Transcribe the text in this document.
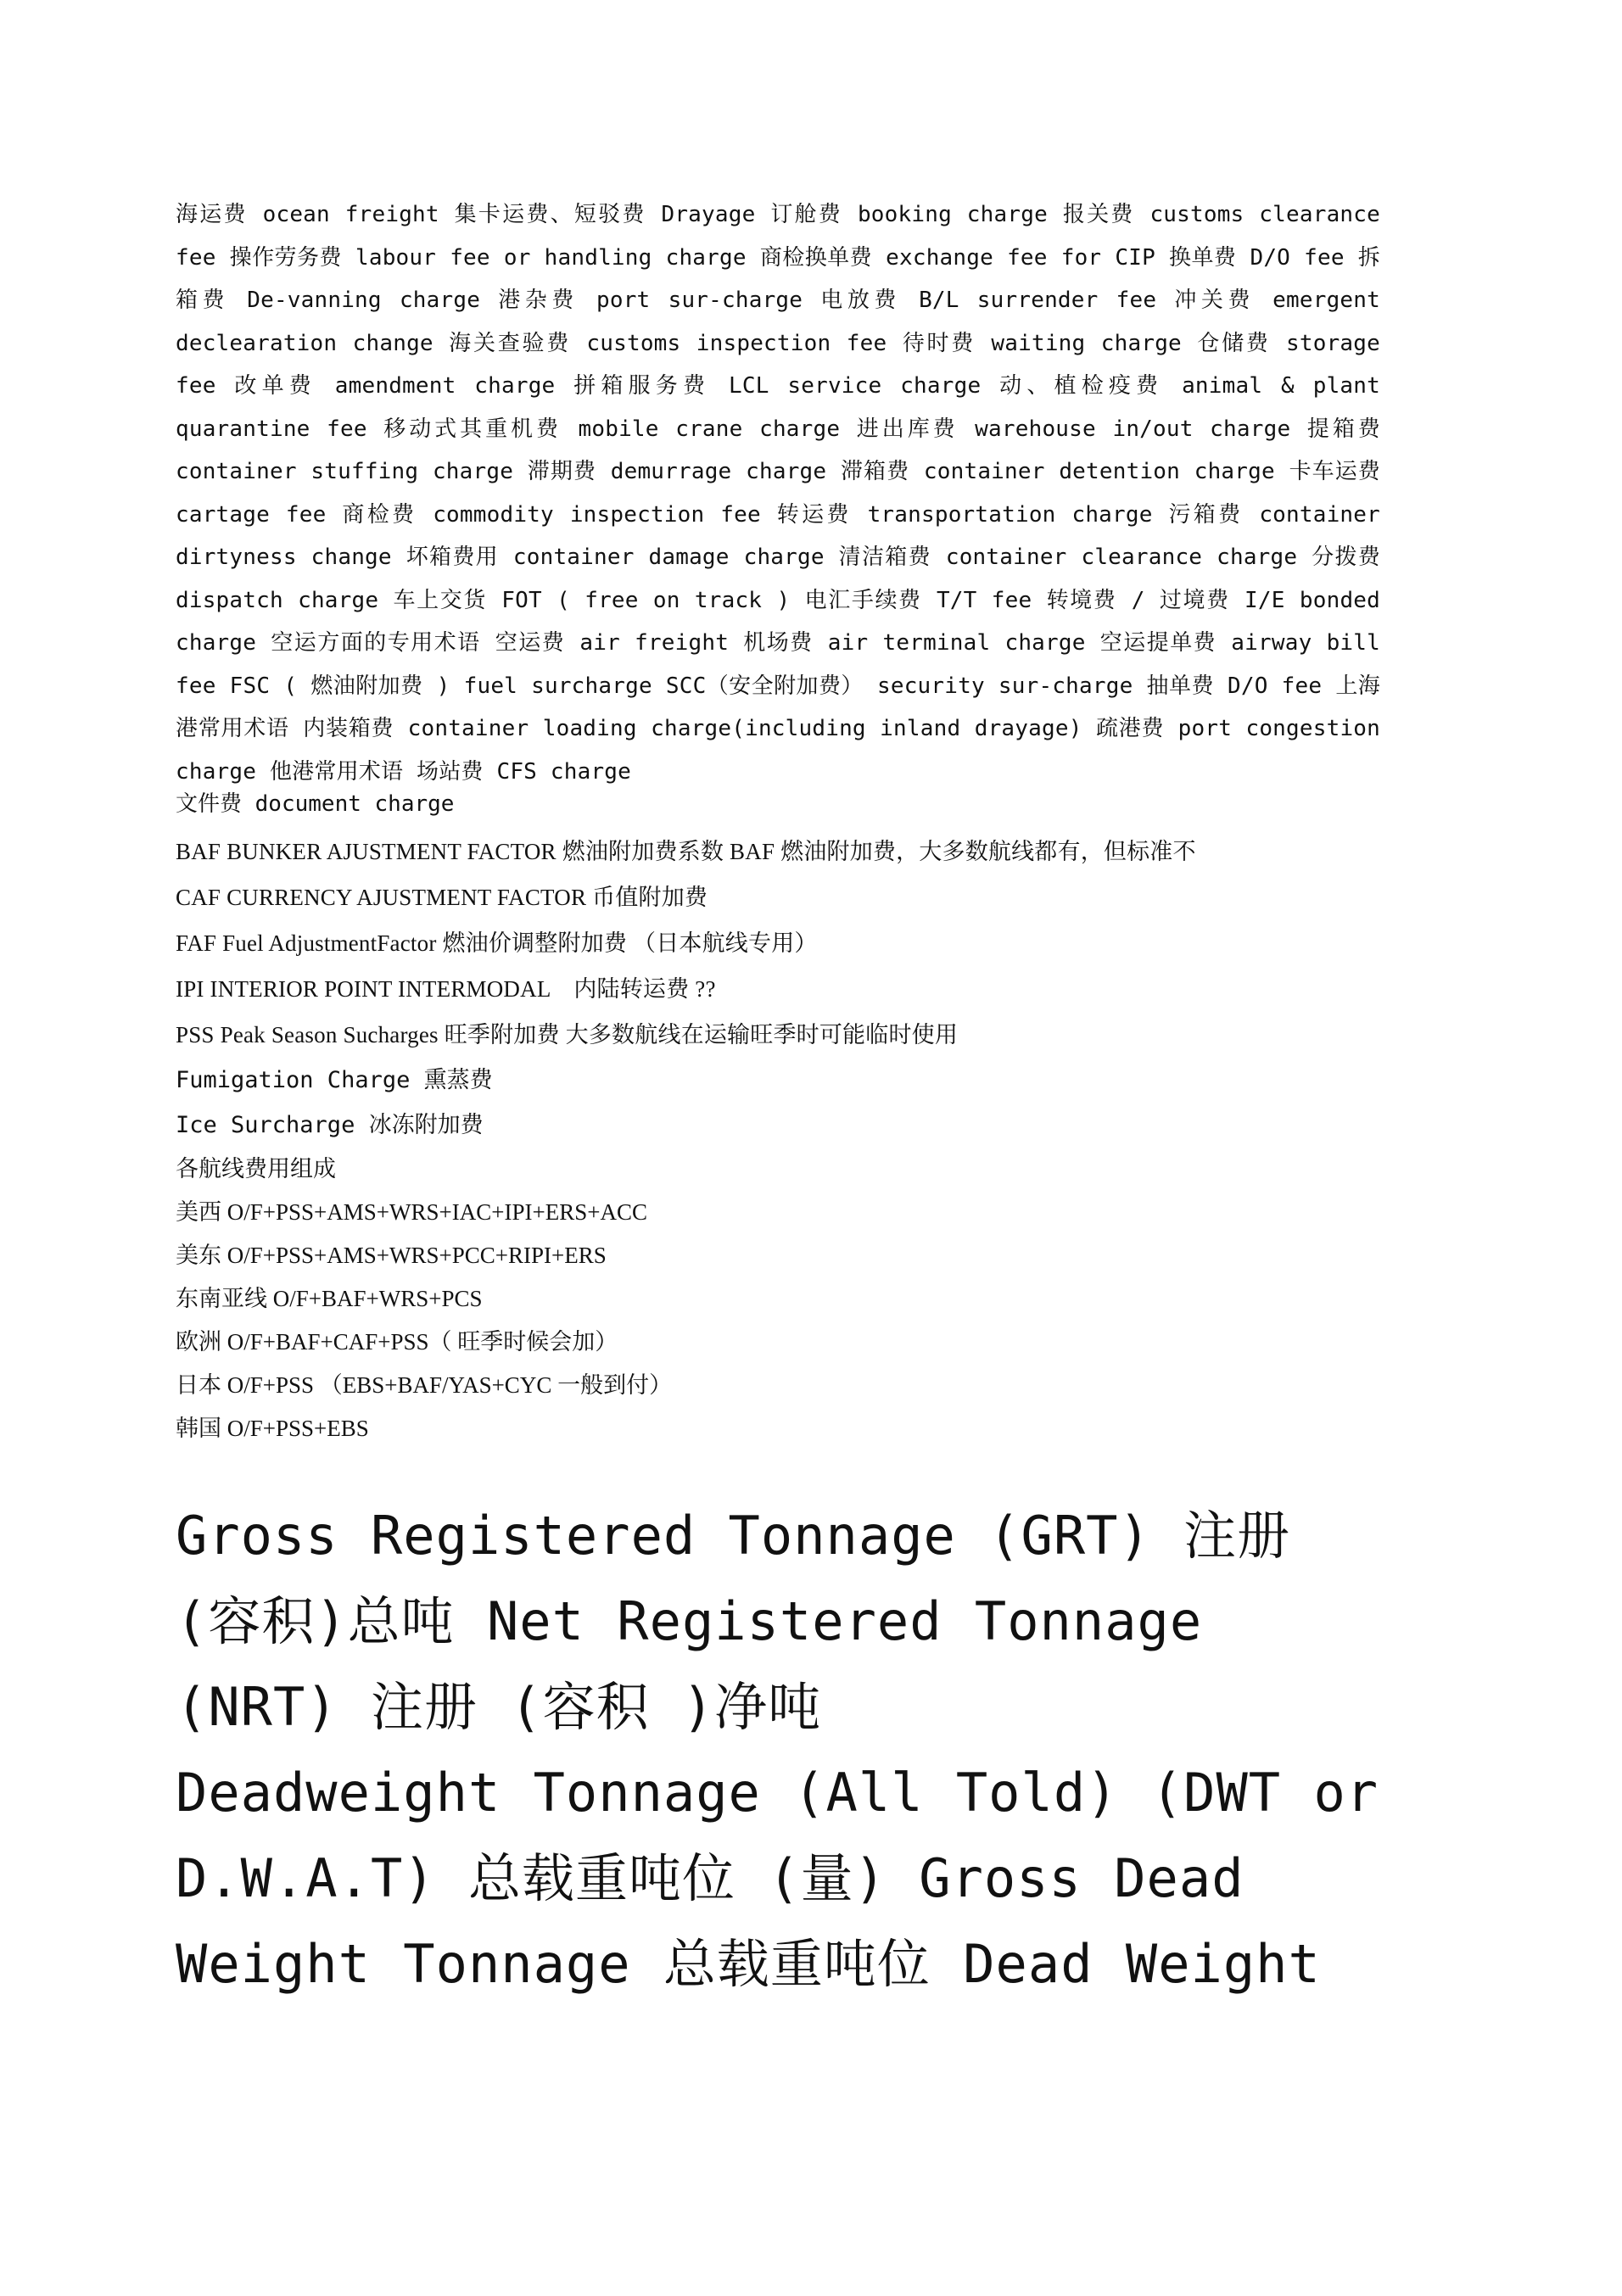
海运费 ocean freight 集卡运费、短驳费 Drayage 订舱费 booking charge 报关费 customs clearance fee 操作劳务费 labour fee or handling charge 商检换单费 exchange fee for CIP 换单费 D/O fee 拆箱费 De-vanning charge 港杂费 port sur-charge 电放费 B/L surrender fee 冲关费 emergent declearation change 海关查验费 customs inspection fee 待时费 waiting charge 仓储费 storage fee 改单费 amendment charge 拼箱服务费 LCL service charge 动、植检疫费 animal & plant quarantine fee 移动式其重机费 mobile crane charge 进出库费 warehouse in/out charge 提箱费 container stuffing charge 滞期费 demurrage charge 滞箱费 container detention charge 卡车运费 cartage fee 商检费 commodity inspection fee 转运费 transportation charge 污箱费 container dirtyness change 坏箱费用 container damage charge 清洁箱费 container clearance charge 分拨费 dispatch charge 车上交货 FOT ( free on track ) 电汇手续费 T/T fee 转境费 / 过境费 I/E bonded charge 空运方面的专用术语 空运费 air freight 机场费 air terminal charge 空运提单费 airway bill fee FSC ( 燃油附加费 ) fuel surcharge SCC（安全附加费） security sur-charge 抽单费 D/O fee 上海港常用术语 内装箱费 container loading charge(including inland drayage) 疏港费 port congestion charge 他港常用术语 场站费 CFS charge

文件费 document charge

BAF BUNKER AJUSTMENT FACTOR 燃油附加费系数 BAF 燃油附加费，大多数航线都有，但标准不

CAF CURRENCY AJUSTMENT FACTOR 币值附加费

FAF Fuel AdjustmentFactor 燃油价调整附加费 （日本航线专用）

IPI INTERIOR POINT INTERMODAL    内陆转运费 ??

PSS Peak Season Sucharges 旺季附加费 大多数航线在运输旺季时可能临时使用

Fumigation Charge 熏蒸费

Ice Surcharge 冰冻附加费

各航线费用组成

美西 O/F+PSS+AMS+WRS+IAC+IPI+ERS+ACC

美东 O/F+PSS+AMS+WRS+PCC+RIPI+ERS

东南亚线 O/F+BAF+WRS+PCS

欧洲 O/F+BAF+CAF+PSS（ 旺季时候会加）

日本 O/F+PSS （EBS+BAF/YAS+CYC 一般到付）

韩国 O/F+PSS+EBS

Gross Registered Tonnage (GRT) 注册
(容积)总吨 Net Registered Tonnage
(NRT) 注册 (容积 )净吨
Deadweight Tonnage (All Told) (DWT or
D.W.A.T) 总载重吨位 (量) Gross Dead
Weight Tonnage 总载重吨位 Dead Weight
